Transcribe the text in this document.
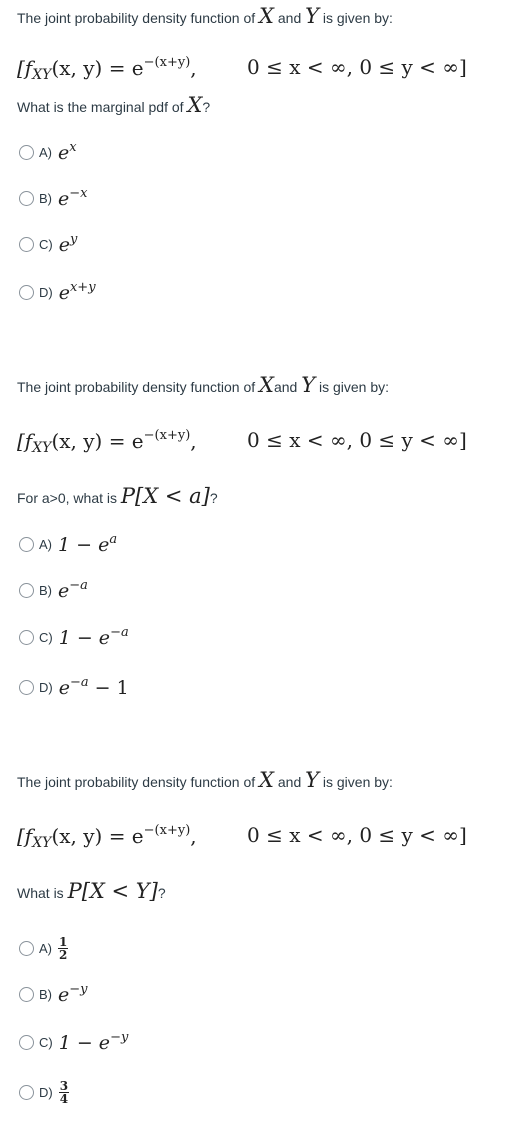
The joint probability density function of X and Y is given by:
[$f_{XY}(x$, $y) = e^{-(x+y)}$,	0 ≤ x < ∞, 0 ≤ y < ∞]
What is the marginal pdf of X?
A) $e^x$
B) $e^{-x}$
C) $e^y$
D) $e^{x+y}$
The joint probability density function of Xand Y is given by:
[$f_{XY}(x$, $y) = e^{-(x+y)}$,	0 ≤ x < ∞, 0 ≤ y < ∞]
For a>0, what is P[X < a]?
A) $1 - e^a$
B) $e^{-a}$
C) $1 - e^{-a}$
D) $e^{-a} - 1$
The joint probability density function of X and Y is given by:
[$f_{XY}(x$, $y) = e^{-(x+y)}$,	0 ≤ x < ∞, 0 ≤ y < ∞]
What is P[X < Y]?
$A) \frac{1}{2}$
B) $e^{-y}$
C) $1 - e^{-y}$
$D) \frac{3}{4}$
